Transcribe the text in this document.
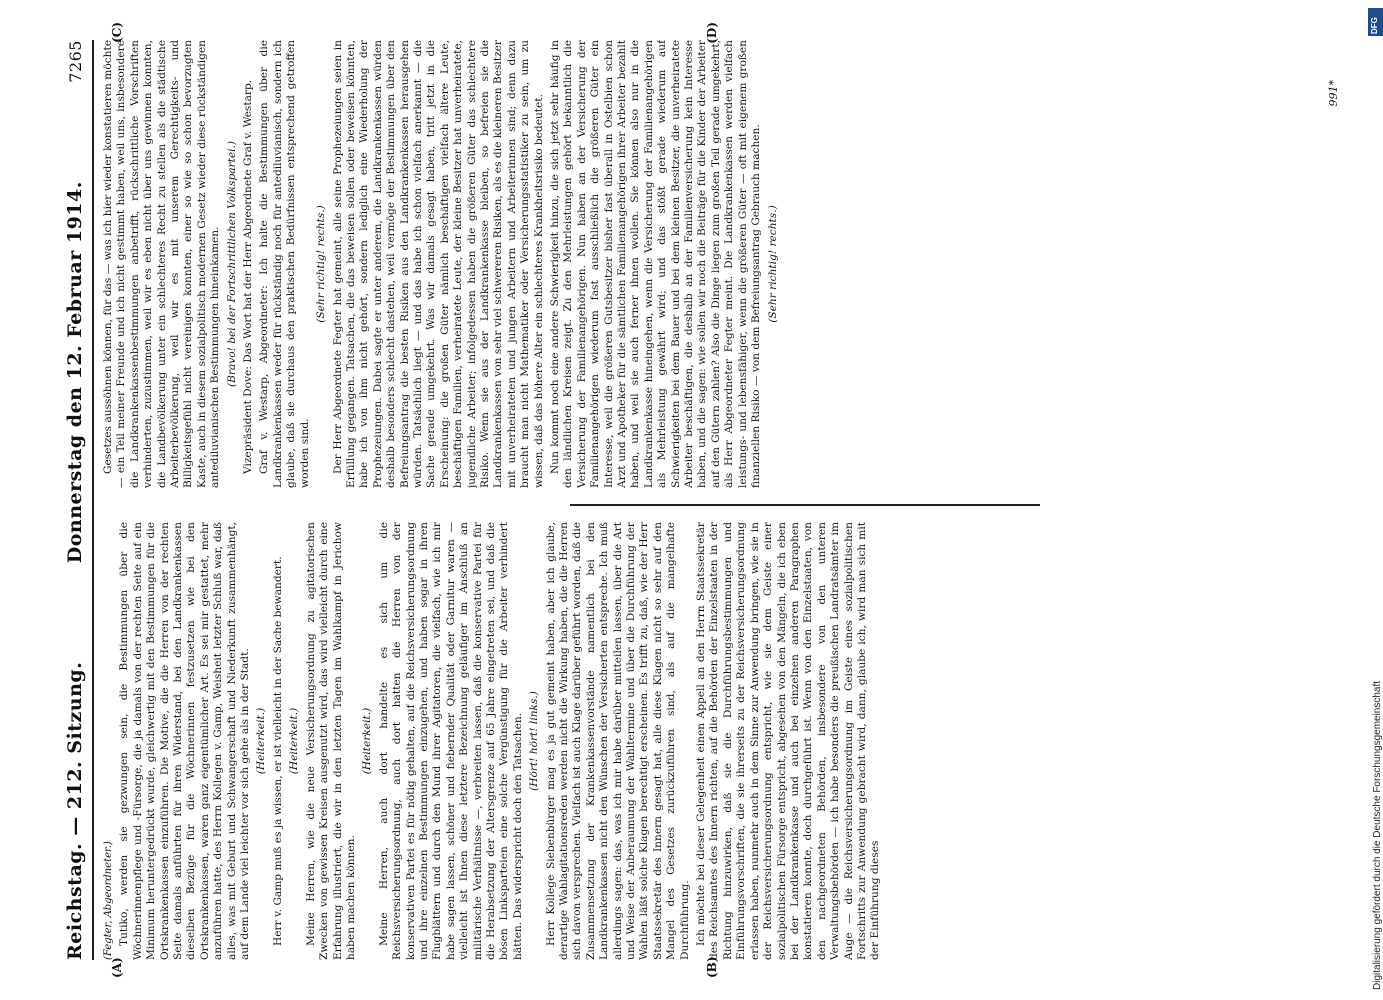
Reichstag. — 212. Sitzung.
Donnerstag den 12. Februar 1914.
7265
(A)	(B)
(C)	(D)

(Fegter, Abgeordneter.) Tutiko, werden sie gezwungen sein, die Bestimmungen über die Wöchnerinnenpflege und -Fürsorge, die ja damals von der rechten Seite auf ein Minimum heruntergedrückt wurde, gleichwertig mit den Bestimmungen für die Ortskrankenkassen einzuführen. Die Motive, die die Herren von der rechten Seite damals anführten für ihren Widerstand, bei den Landkrankenkassen dieselben Bezüge für die Wöchnerinnen festzusetzen wie bei den Ortskrankenkassen, waren ganz eigentümlicher Art. Es sei mir gestattet, mehr anzuführen hatte, des Herrn Kollegen v. Gamp, Weisheit letzter Schluß war, daß alles, was mit Geburt und Schwangerschaft und Niederkunft zusammenhängt, auf dem Lande viel leichter vor sich gehe als in der Stadt. (Heiterkeit.) Herr v. Gamp muß es ja wissen, er ist vielleicht in der Sache bewandert. (Heiterkeit.) Meine Herren, wie die neue Versicherungsordnung zu agitatorischen Zwecken von gewissen Kreisen ausgenutzt wird, das wird vielleicht durch eine Erfahrung illustriert, die wir in den letzten Tagen im Wahlkampf in Jerichow haben machen können.

(Heiterkeit.) Meine Herren, auch dort handelte es sich um die Reichsversicherungsordnung, auch dort hatten die Herren von der konservativen Partei es für nötig gehalten, auf die Reichsversicherungsordnung und ihre einzelnen Bestimmungen einzugehen, und haben sogar in ihren Flugblättern und durch den Mund ihrer Agitatoren, die vielfach, wie ich mir habe sagen lassen, schöner und fiebernder Qualität oder Garnitur waren — vielleicht ist Ihnen diese letztere Bezeichnung geläufiger im Anschluß an militärische Verhältnisse —, verbreiten lassen, daß die konservative Partei für die Herabsetzung der Altersgrenze auf 65 Jahre eingetreten sei, und daß die bösen Linksparteien eine solche Vergünstigung für die Arbeiter verhindert hätten. Das widerspricht doch den Tatsachen. (Hört! hört! links.) Herr Kollege Siebenbürger mag es ja gut gemeint haben, aber ich glaube, derartige Wahlagitationsreden werden nicht die Wirkung haben, die die Herren sich davon versprechen. Vielfach ist auch Klage darüber geführt worden, daß die Zusammensetzung der Krankenkassenvorstände namentlich bei den Landkrankenkassen nicht den Wünschen der Versicherten entspreche. Ich muß allerdings sagen: das, was ich mir habe darüber mitteilen lassen, über die Art und Weise der Anberaumung der Wahltermine und über die Durchführung der Wahlen läßt solche Klagen berechtigt erscheinen. Es trifft zu, daß, wie der Herr Staatssekretär des Innern gesagt hat, alle diese Klagen nicht so sehr auf den Mangel des Gesetzes zurückzuführen sind, als auf die mangelhafte Durchführung. Ich möchte bei dieser Gelegenheit einen Appell an den Herrn Staatssekretär des Reichsamtes des Innern richten, auf die Behörden der Einzelstaaten in der Richtung hinzuwirken, daß sie die Durchführungsbestimmungen und Einführungsvorschriften, die sie ihrerseits zu der Reichsversicherungsordnung erlassen haben, nunmehr auch in dem Sinne zur Anwendung bringen, wie sie in der Reichsversicherungsordnung entspricht, wie sie dem Geiste einer sozialpolitischen Fürsorge entspricht, abgesehen von den Mängeln, die ich eben bei der Landkrankenkasse und auch bei einzelnen anderen Paragraphen konstatieren konnte, doch durchgeführt ist. Wenn von den Einzelstaaten, von den nachgeordneten Behörden, insbesondere von den unteren Verwaltungsbehörden — ich habe besonders die preußischen Landratsämter im Auge — die Reichsversicherungsordnung im Geiste eines sozialpolitischen Fortschritts zur Anwendung gebracht wird, dann, glaube ich, wird man sich mit der Einführung dieses

Gesetzes aussöhnen können, für das — was ich hier wieder konstatieren möchte — ein Teil meiner Freunde und ich nicht gestimmt haben, weil uns, insbesondere die Landkrankenkassenbestimmungen anbetrifft, rückschrittliche Vorschriften verhinderten, zuzustimmen, weil wir es eben nicht über uns gewinnen konnten, die Landbevölkerung unter ein schlechteres Recht zu stellen als die städtische Arbeiterbevölkerung, weil wir es mit unserem Gerechtigkeits- und Billigkeitsgefühl nicht vereinigen konnten, einer so wie so schon bevorzugten Kaste, auch in diesem sozialpolitisch modernen Gesetz wieder diese rückständigen antediluvianischen Bestimmungen hineinkamen. (Bravo! bei der Fortschrittlichen Volkspartei.) Vizepräsident Dove: Das Wort hat der Herr Abgeordnete Graf v. Westarp. Graf v. Westarp, Abgeordneter: Ich halte die Bestimmungen über die Landkrankenkassen weder für rückständig noch für antediluvianisch, sondern ich glaube, daß sie durchaus den praktischen Bedürfnissen entsprechend getroffen worden sind.

(Sehr richtig! rechts.) Der Herr Abgeordnete Fegter hat gemeint, alle seine Prophezeiungen seien in Erfüllung gegangen. Tatsachen, die das beweisen sollen oder beweisen könnten, habe ich von ihm nicht gehört, sondern lediglich eine Wiederholung der Prophezeiungen. Dabei sagte er unter anderem, die Landkrankenkassen würden deshalb besonders schlecht dastehen, weil vermöge der Bestimmungen über den Befreiungsantrag die besten Risiken aus den Landkrankenkassen herausgehen würden. Tatsächlich liegt — und das habe ich schon vielfach anerkannt — die Sache gerade umgekehrt. Was wir damals gesagt haben, tritt jetzt in die Erscheinung: die großen Güter nämlich beschäftigen vielfach ältere Leute, beschäftigen Familien, verheiratete Leute, der kleine Besitzer hat unverheiratete, jugendliche Arbeiter; infolgedessen haben die größeren Güter das schlechtere Risiko. Wenn sie aus der Landkrankenkasse bleiben, so befreien sie die Landkrankenkassen von sehr viel schwereren Risiken, als es die kleineren Besitzer mit unverheirateten und jungen Arbeitern und Arbeiterinnen sind; denn dazu braucht man nicht Mathematiker oder Versicherungsstatistiker zu sein, um zu wissen, daß das höhere Alter ein schlechteres Krankheitsrisiko bedeutet. Nun kommt noch eine andere Schwierigkeit hinzu, die sich jetzt sehr häufig in den ländlichen Kreisen zeigt. Zu den Mehrleistungen gehört bekanntlich die Versicherung der Familienangehörigen. Nun haben an der Versicherung der Familienangehörigen wiederum fast ausschließlich die größeren Güter ein Interesse, weil die größeren Gutsbesitzer bisher fast überall in Ostelbien schon Arzt und Apotheker für die sämtlichen Familienangehörigen ihrer Arbeiter bezahlt haben, und weil sie auch ferner ihnen wollen. Sie können also nur in die Landkrankenkasse hineingehen, wenn die Versicherung der Familienangehörigen als Mehrleistung gewährt wird; und das stößt gerade wiederum auf Schwierigkeiten bei dem Bauer und bei dem kleinen Besitzer, die unverheiratete Arbeiter beschäftigen, die deshalb an der Familienversicherung kein Interesse haben, und die sagen: wie sollen wir noch die Beiträge für die Kinder der Arbeiter auf den Gütern zahlen? Also die Dinge liegen zum großen Teil gerade umgekehrt, als Herr Abgeordneter Fegter meint. Die Landkrankenkassen werden vielfach leistungs- und lebensfähiger, wenn die größeren Güter — oft mit eigenem großen finanziellen Risiko — von dem Befreiungsantrag Gebrauch machen. (Sehr richtig! rechts.)

991*
DFG
Digitalisierung gefördert durch die Deutsche Forschungsgemeinschaft
